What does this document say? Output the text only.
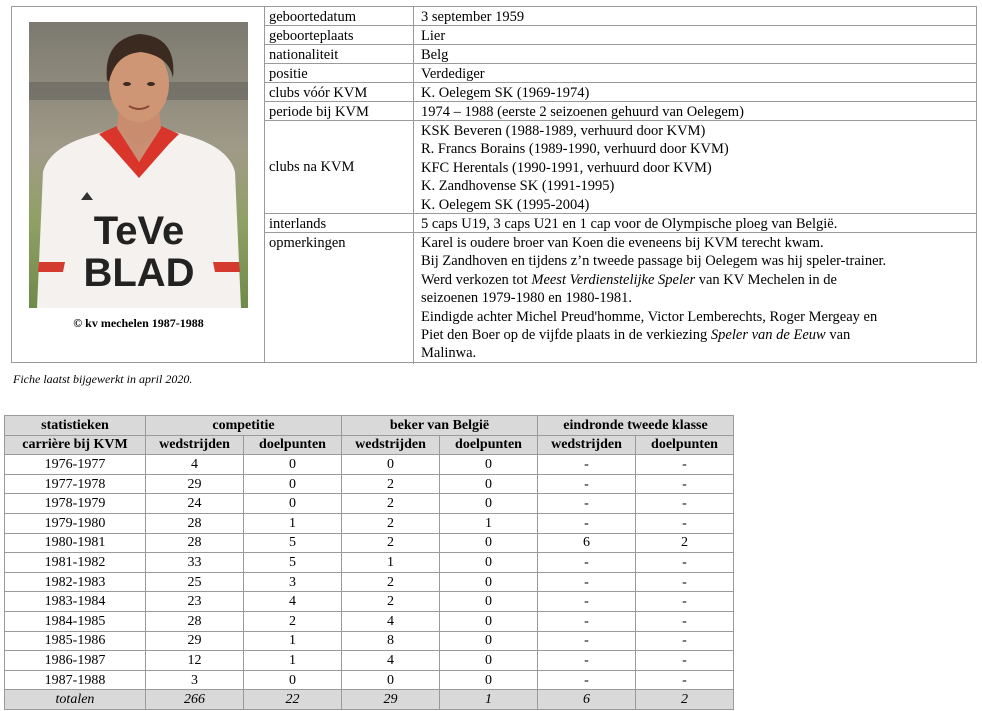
TeVe
BLAD
© kv mechelen 1987-1988
geboortedatum	3 september 1959
geboorteplaats	Lier
nationaliteit	Belg
positie	Verdediger
clubs vóór KVM	K. Oelegem SK (1969-1974)
periode bij KVM	1974 – 1988 (eerste 2 seizoenen gehuurd van Oelegem)
clubs na KVM
KSK Beveren (1988-1989, verhuurd door KVM)
R. Francs Borains (1989-1990, verhuurd door KVM)
KFC Herentals (1990-1991, verhuurd door KVM)
K. Zandhovense SK (1991-1995)
K. Oelegem SK (1995-2004)
interlands	5 caps U19, 3 caps U21 en 1 cap voor de Olympische ploeg van België.
opmerkingen	Karel is oudere broer van Koen die eveneens bij KVM terecht kwam.
Bij Zandhoven en tijdens z’n tweede passage bij Oelegem was hij speler-trainer.
Werd verkozen tot Meest Verdienstelijke Speler van KV Mechelen in de
seizoenen 1979-1980 en 1980-1981.
Eindigde achter Michel Preud'homme, Victor Lemberechts, Roger Mergeay en
Piet den Boer op de vijfde plaats in de verkiezing Speler van de Eeuw van
Malinwa.
Fiche laatst bijgewerkt in april 2020.
statistieken	competitie		beker van België		eindronde tweede klasse	
carrière bij KVM	wedstrijden	doelpunten	wedstrijden	doelpunten	wedstrijden	doelpunten
1976-1977	4	0	0	0	-	-
1977-1978	29	0	2	0	-	-
1978-1979	24	0	2	0	-	-
1979-1980	28	1	2	1	-	-
1980-1981	28	5	2	0	6	2
1981-1982	33	5	1	0	-	-
1982-1983	25	3	2	0	-	-
1983-1984	23	4	2	0	-	-
1984-1985	28	2	4	0	-	-
1985-1986	29	1	8	0	-	-
1986-1987	12	1	4	0	-	-
1987-1988	3	0	0	0	-	-
totalen	266	22	29	1	6	2
